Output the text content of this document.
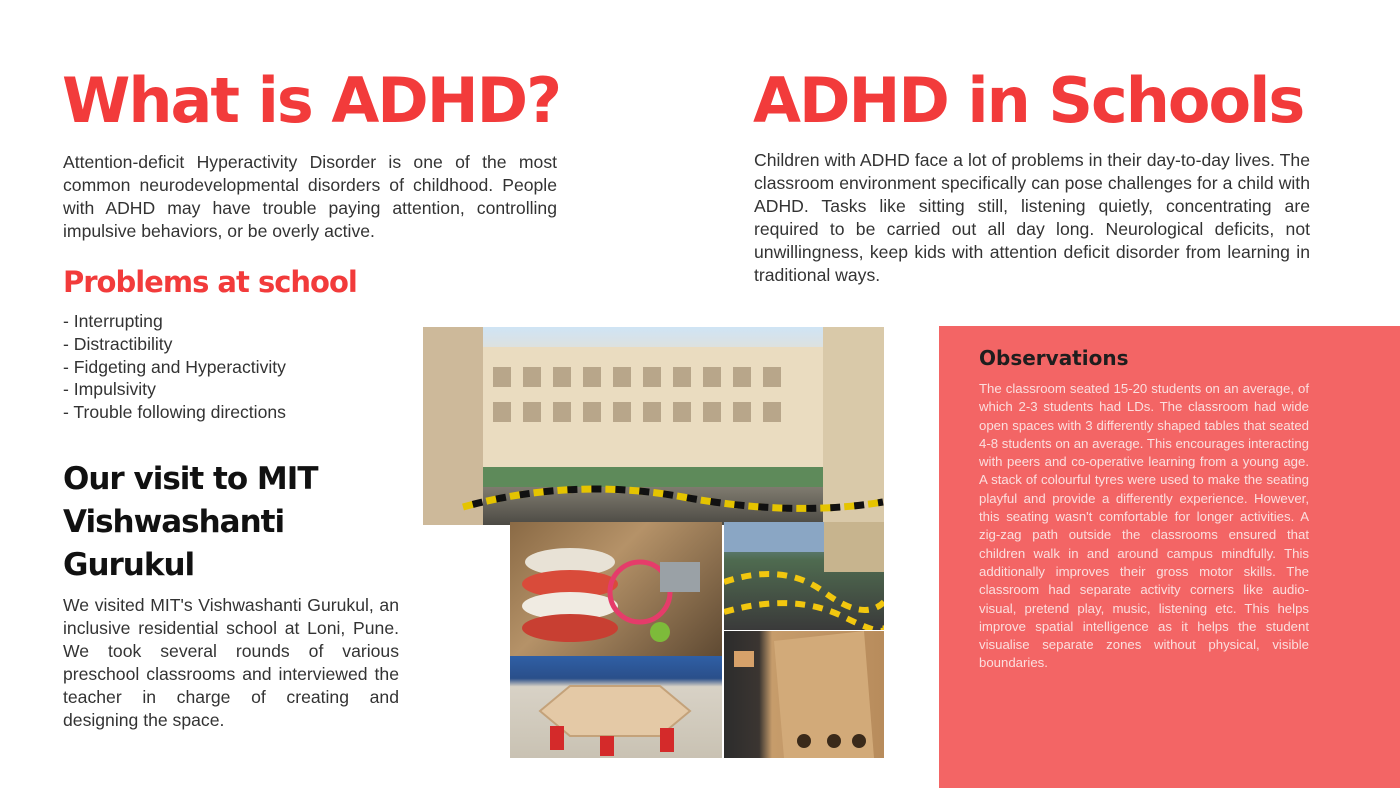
What is ADHD?

Attention-deficit Hyperactivity Disorder is one of the most common neurodevelopmental disorders of childhood. People with ADHD may have trouble paying attention, controlling impulsive behaviors, or be overly active.

Problems at school
- Interrupting
- Distractibility
- Fidgeting and Hyperactivity
- Impulsivity
- Trouble following directions
Our visit to MIT Vishwashanti Gurukul

We visited MIT's Vishwashanti Gurukul, an inclusive residential school at Loni, Pune. We took several rounds of various preschool classrooms and interviewed the teacher in charge of creating and designing the space.

ADHD in Schools

Children with ADHD face a lot of problems in their day-to-day lives. The classroom environment specifically can pose challenges for a child with ADHD. Tasks like sitting still, listening quietly, concentrating are required to be carried out all day long. Neurological deficits, not unwillingness, keep kids with attention deficit disorder from learning in traditional ways.

Observations

The classroom seated 15-20 students on an average, of which 2-3 students had LDs. The classroom had wide open spaces with 3 differently shaped tables that seated 4-8 students on an average. This encourages interacting with peers and co-operative learning from a young age. A stack of colourful tyres were used to make the seating playful and provide a differently experience. However, this seating wasn't comfortable for longer activities. A zig-zag path outside the classrooms ensured that children walk in and around campus mindfully. This additionally improves their gross motor skills. The classroom had separate activity corners like audio-visual, pretend play, music, listening etc. This helps improve spatial intelligence as it helps the student visualise separate zones without physical, visible boundaries.
